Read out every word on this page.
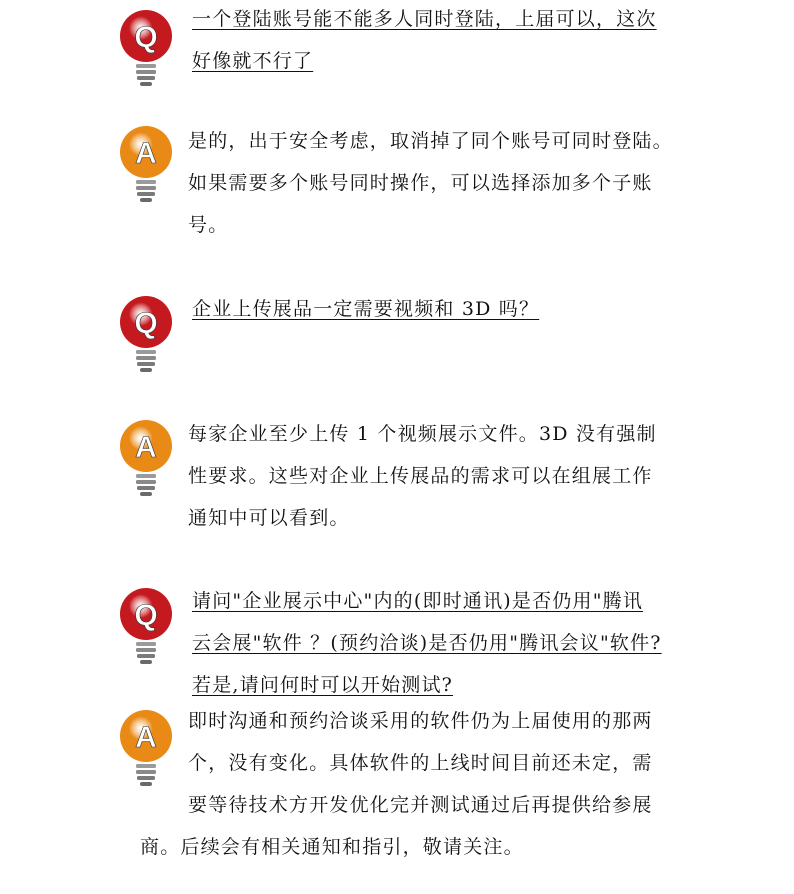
Q
一个登陆账号能不能多人同时登陆，上届可以，这次
好像就不行了
A 是的，出于安全考虑，取消掉了同个账号可同时登陆。
如果需要多个账号同时操作，可以选择添加多个子账
号。
Q 企业上传展品一定需要视频和 3D 吗？
A 每家企业至少上传 1 个视频展示文件。3D 没有强制
性要求。这些对企业上传展品的需求可以在组展工作
通知中可以看到。
Q 请问"企业展示中心"内的(即时通讯)是否仍用"腾讯
云会展"软件 ？(预约洽谈)是否仍用"腾讯会议"软件?
若是,请问何时可以开始测试?
A 即时沟通和预约洽谈采用的软件仍为上届使用的那两
个，没有变化。具体软件的上线时间目前还未定，需
要等待技术方开发优化完并测试通过后再提供给参展
商。后续会有相关通知和指引，敬请关注。
